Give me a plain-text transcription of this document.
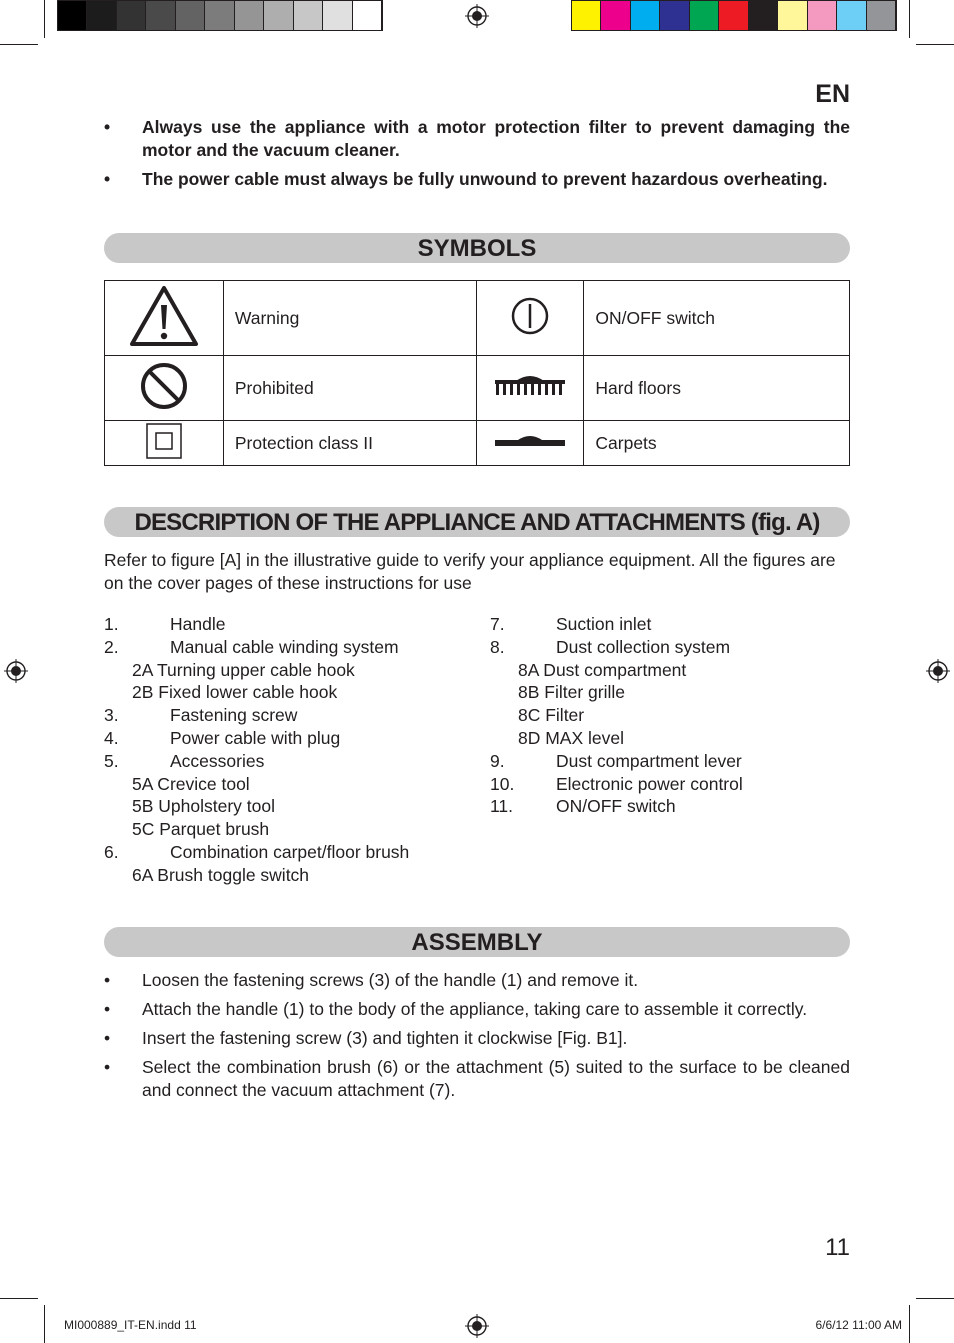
EN
• Always use the appliance with a motor protection filter to prevent damaging the motor and the vacuum cleaner.
• The power cable must always be fully unwound to prevent hazardous overheating.
SYMBOLS
	Warning		ON/OFF switch
	Prohibited		Hard floors
	Protection class II		Carpets
DESCRIPTION OF THE APPLIANCE AND ATTACHMENTS (fig. A)
Refer to figure [A] in the illustrative guide to verify your appliance equipment. All the figures are on the cover pages of these instructions for use
1.	Handle
2.	Manual cable winding system
2A Turning upper cable hook
2B Fixed lower cable hook
3.	Fastening screw
4.	Power cable with plug
5.	Accessories
5A Crevice tool
5B Upholstery tool
5C Parquet brush
6.	Combination carpet/floor brush
6A Brush toggle switch
7.	Suction inlet
8.	Dust collection system
8A Dust compartment
8B Filter grille
8C Filter
8D MAX level
9.	Dust compartment lever
10. Electronic power control
11. ON/OFF switch
ASSEMBLY
• Loosen the fastening screws (3) of the handle (1) and remove it.
• Attach the handle (1) to the body of the appliance, taking care to assemble it correctly.
• Insert the fastening screw (3) and tighten it clockwise [Fig. B1].
• Select the combination brush (6) or the attachment (5) suited to the surface to be cleaned and connect the vacuum attachment (7).
11
MI000889_IT-EN.indd 11	6/6/12 11:00 AM
